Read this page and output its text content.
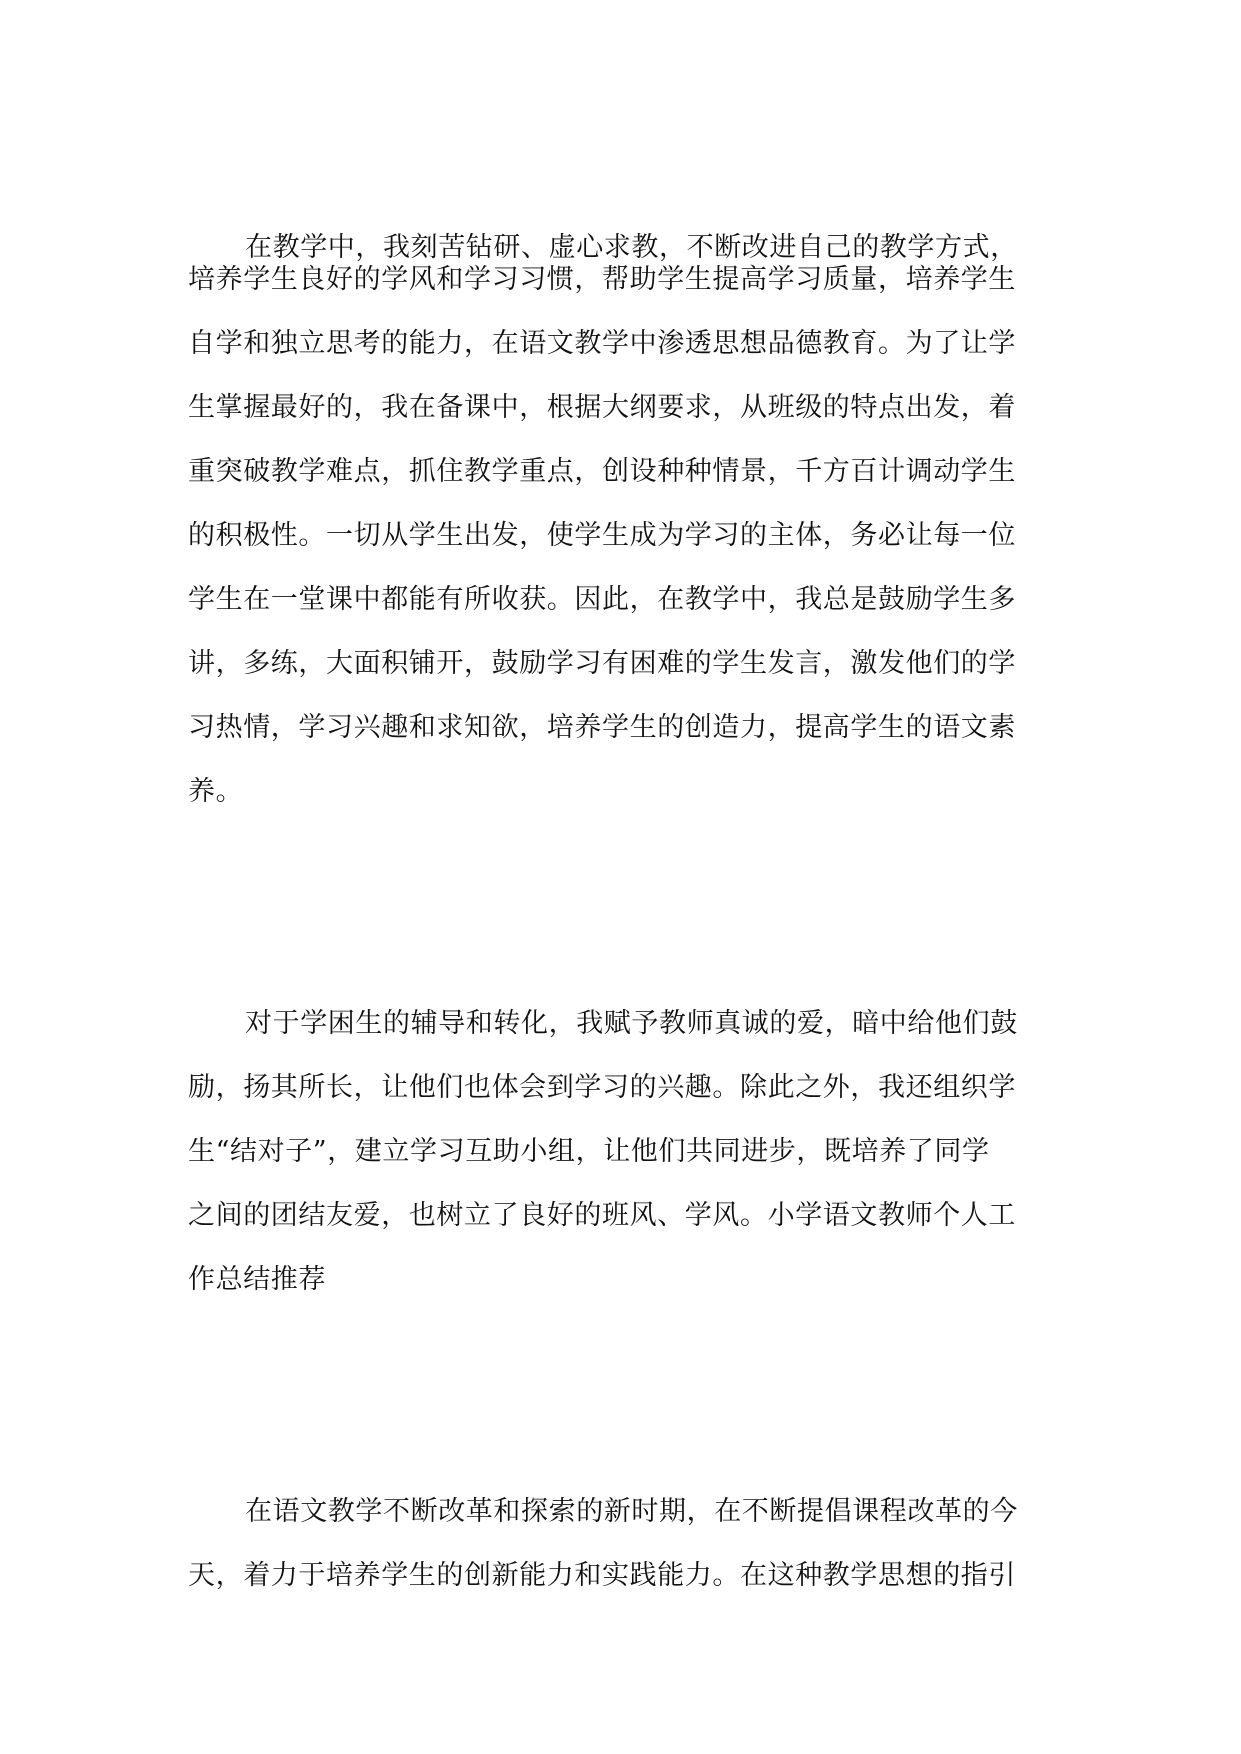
在教学中，我刻苦钻研、虚心求教，不断改进自己的教学方式，
培养学生良好的学风和学习习惯，帮助学生提高学习质量，培养学生
自学和独立思考的能力，在语文教学中渗透思想品德教育。为了让学
生掌握最好的，我在备课中，根据大纲要求，从班级的特点出发，着
重突破教学难点，抓住教学重点，创设种种情景，千方百计调动学生
的积极性。一切从学生出发，使学生成为学习的主体，务必让每一位
学生在一堂课中都能有所收获。因此，在教学中，我总是鼓励学生多
讲，多练，大面积铺开，鼓励学习有困难的学生发言，激发他们的学
习热情，学习兴趣和求知欲，培养学生的创造力，提高学生的语文素
养。
对于学困生的辅导和转化，我赋予教师真诚的爱，暗中给他们鼓
励，扬其所长，让他们也体会到学习的兴趣。除此之外，我还组织学
生“结对子”，建立学习互助小组，让他们共同进步，既培养了同学
之间的团结友爱，也树立了良好的班风、学风。小学语文教师个人工
作总结推荐
在语文教学不断改革和探索的新时期，在不断提倡课程改革的今
天，着力于培养学生的创新能力和实践能力。在这种教学思想的指引
